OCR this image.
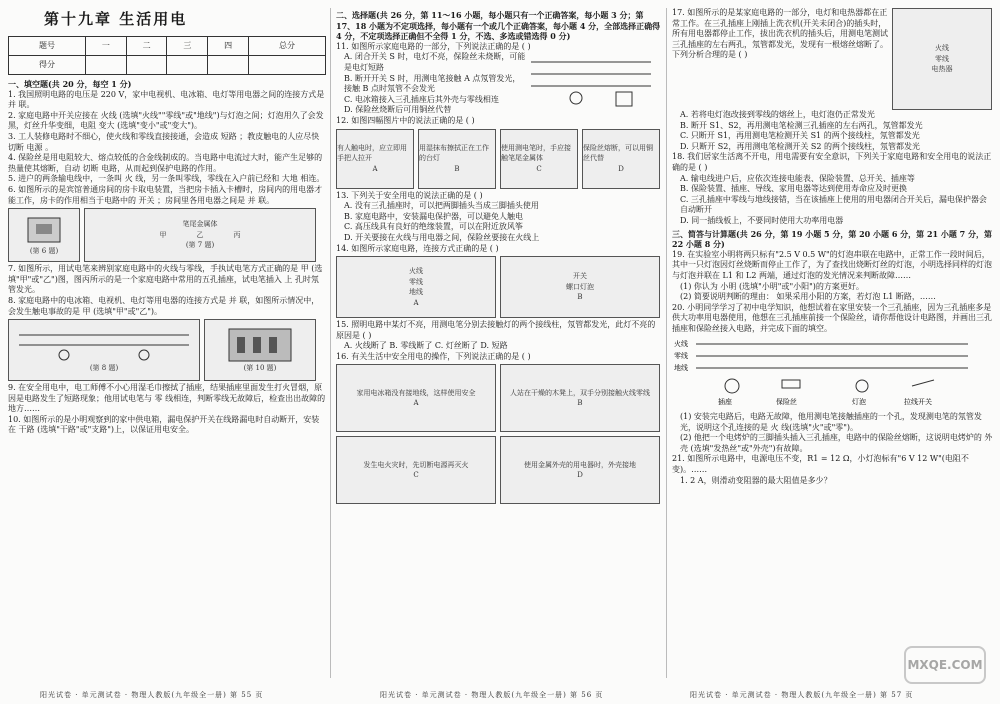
第十九章 生活用电
题号	一	二	三	四	总分
得分					
一、填空题(共 20 分，每空 1 分)

1. 我国照明电路的电压是 220 V，家中电视机、电冰箱、电灯等用电器之间的连接方式是 并 联。

2. 家庭电路中开关应接在 火线 (选填"火线""零线"或"地线")与灯泡之间；灯泡用久了会发黑，灯丝升华变细，电阻 变大 (选填"变小"或"变大")。

3. 工人装修电路时不细心，使火线和零线直接接通，会造成 短路 ；教皮触电的人应尽快切断 电源 。

4. 保险丝是用电阻较大、熔点较低的合金线制成的。当电路中电流过大时，能产生足够的热量使其熔断，自动 切断 电路，从而起到保护电路的作用。

5. 进户的两条输电线中，一条叫 火 线，另一条叫零线，零线在入户前已经和 大地 相连。

6. 如图所示的是宾馆普通房间的房卡取电装置，当把房卡插入卡槽时，房间内的用电器才能工作，房卡的作用相当于电路中的 开关 ；房间里各用电器之间是 并 联。

(第 6 题)
笔尾金属体
甲	乙	丙
(第 7 题)

7. 如图所示，用试电笔来辨别家庭电路中的火线与零线，手执试电笔方式正确的是 甲 (选填"甲"或"乙")图，图丙所示的是一个家庭电路中常用的五孔插座，试电笔插入 上 孔时氖管发光。

8. 家庭电路中的电冰箱、电视机、电灯等用电器的连接方式是 并 联，如图所示情况中，会发生触电事故的是 甲 (选填"甲"或"乙")。

(第 8 题)	(第 10 题)

9. 在安全用电中，电工师傅不小心用湿毛巾擦拭了插座，结果插座里面发生打火冒烟，原因是电路发生了短路现象；他用试电笔与 零 线相连，判断零线无故障后，检查出出故障的地方……

10. 如图所示的是小明观察到的家中供电箱，漏电保护开关在线路漏电时自动断开，安装在 干路 (选填"干路"或"支路")上，以保证用电安全。

阳光试卷 · 单元测试卷 · 物理人教版(九年级全一册) 第 55 页
二、选择题(共 26 分，第 11～16 小题，每小题只有一个正确答案，每小题 3 分；第 17、18 小题为不定项选择，每小题有一个或几个正确答案，每小题 4 分，全部选择正确得 4 分，不定项选择正确但不全得 1 分，不选、多选或错选得 0 分)

11. 如图所示家庭电路的一部分，下列说法正确的是 ( )

A. 闭合开关 S 时，电灯不亮，保险丝未烧断，可能是电灯短路

B. 断开开关 S 时，用测电笔接触 A 点氖管发光，接触 B 点时氖管不会发光

C. 电冰箱接入三孔插座后其外壳与零线相连

D. 保险丝烧断后可用铜丝代替

12. 如图四幅图片中的说法正确的是 ( )

有人触电时，应立即用手把人拉开
A
用湿抹布擦拭正在工作的台灯
B
使用测电笔时，手应接触笔尾金属体
C
保险丝熔断，可以用铜丝代替
D

13. 下列关于安全用电的说法正确的是 ( )

A. 没有三孔插座时，可以把两脚插头当成三脚插头使用

B. 家庭电路中，安装漏电保护器，可以避免人触电

C. 高压线具有良好的绝缘装置，可以在附近放风筝

D. 开关要接在火线与用电器之间，保险丝要接在火线上

14. 如图所示家庭电路，连接方式正确的是 ( )

火线
零线
地线
A
开关
螺口灯泡
B

15. 照明电路中某灯不亮，用测电笔分别去接触灯的两个接线柱，氖管都发光，此灯不亮的原因是 ( )

A. 火线断了 B. 零线断了 C. 灯丝断了 D. 短路

16. 有关生活中安全用电的操作，下列说法正确的是 ( )

家用电冰箱没有接地线，这样使用安全
A
人站在干燥的木凳上，双手分别接触火线零线
B
发生电火灾时，先切断电源再灭火
C
使用金属外壳的用电器时，外壳接地
D
阳光试卷 · 单元测试卷 · 物理人教版(九年级全一册) 第 56 页

17. 如图所示的是某家庭电路的一部分，电灯和电热器都在正常工作。在三孔插座上刚插上洗衣机(开关未闭合)的插头时，所有用电器都停止工作，拔出洗衣机的插头后，用测电笔测试三孔插座的左右两孔，氖管都发光，发现有一根熔丝熔断了。下列分析合理的是 ( )

火线
零线
电热器

A. 若将电灯泡改接到零线的熔丝上，电灯泡仍正常发光

B. 断开 S1、S2，再用测电笔检测三孔插座的左右两孔，氖管都发光

C. 只断开 S1，再用测电笔检测开关 S1 的两个接线柱，氖管都发光

D. 只断开 S2，再用测电笔检测开关 S2 的两个接线柱，氖管都发光

18. 我们居家生活离不开电，用电需要有安全意识，下列关于家庭电路和安全用电的说法正确的是 ( )

A. 输电线进户后，应依次连接电能表、保险装置、总开关、插座等

B. 保险装置、插座、导线、家用电器等达到使用寿命应及时更换

C. 三孔插座中零线与地线接错，当在该插座上使用的用电器闭合开关后，漏电保护器会自动断开

D. 同一插线板上，不要同时使用大功率用电器

三、简答与计算题(共 26 分，第 19 小题 5 分，第 20 小题 6 分，第 21 小题 7 分，第 22 小题 8 分)

19. 在实验室小明将两只标有"2.5 V 0.5 W"的灯泡串联在电路中，正常工作一段时间后，其中一只灯泡因灯丝烧断而停止工作了，为了查找出烧断灯丝的灯泡，小明选择同样的灯泡与灯泡并联在 L1 和 L2 两端，通过灯泡的发光情况来判断故障……

(1) 你认为 小明 (选填"小明"或"小阳")的方案更好。

(2) 简要说明判断的理由： 如果采用小阳的方案，若灯泡 L1 断路，……

20. 小明同学学习了初中电学知识，他想试着在家里安装一个三孔插座，因为三孔插座多是供大功率用电器使用，他想在三孔插座前接一个保险丝，请你帮他设计电路图，并画出三孔插座和保险丝接入电路，并完成下面的填空。

火线
零线
地线
插座	保险丝	灯泡	拉线开关

(1) 安装完电路后，电路无故障，他用测电笔接触插座的一个孔，发现测电笔的氖管发光，说明这个孔连接的是 火 线(选填"火"或"零")。

(2) 他把一个电烤炉的三脚插头插入三孔插座，电路中的保险丝熔断，这说明电烤炉的 外壳 (选填"发热丝"或"外壳")有故障。

21. 如图所示电路中，电源电压不变，R1 = 12 Ω，小灯泡标有"6 V 12 W"(电阻不变)。……

1. 2 A，则滑动变阻器的最大阻值是多少？

阳光试卷 · 单元测试卷 · 物理人教版(九年级全一册) 第 57 页
MXQE.COM
